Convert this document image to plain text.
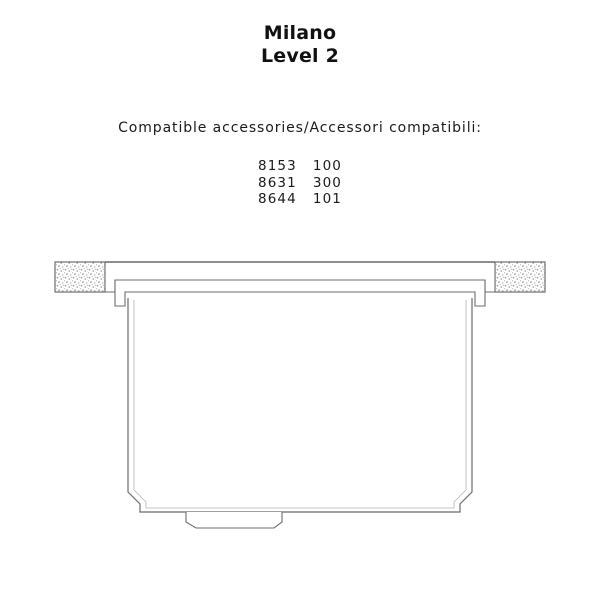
Milano
Level 2
Compatible accessories/Accessori compatibili:
8153   100
8631   300
8644   101
